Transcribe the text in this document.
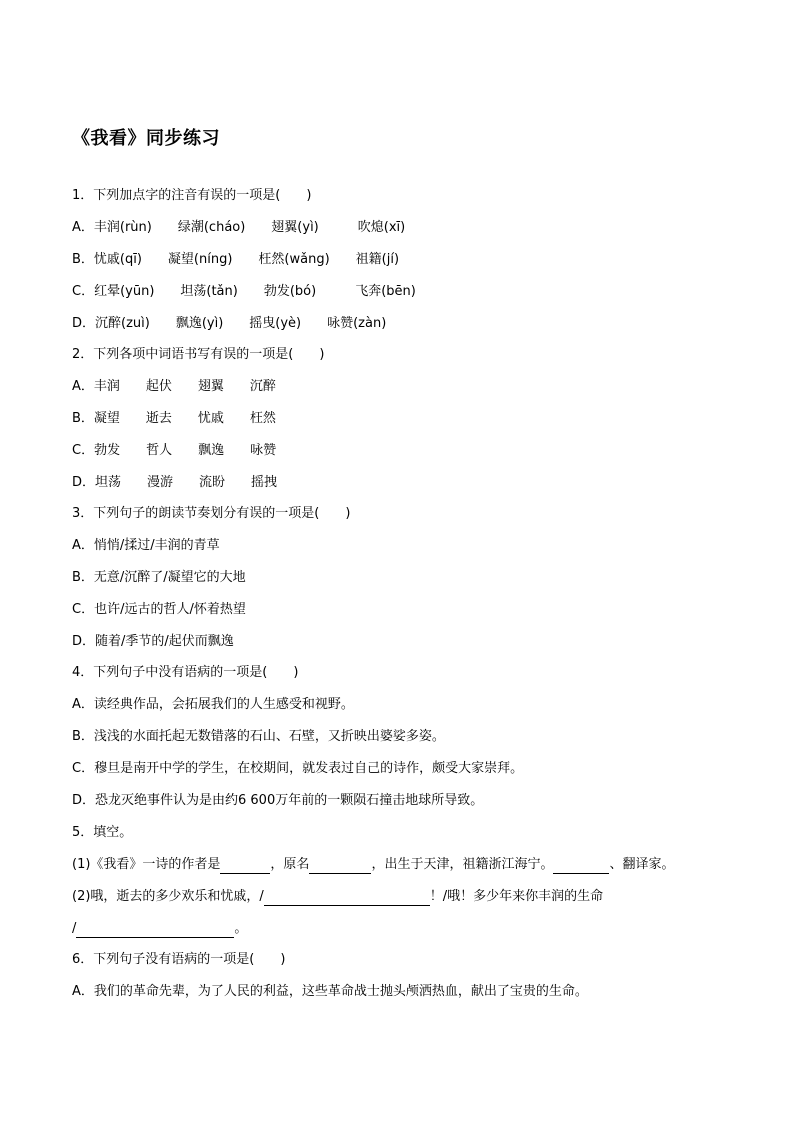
《我看》同步练习
1．下列加点字的注音有误的一项是(　　)
A．丰润(rùn)　　绿潮(cháo)　　翅翼(yì)　　　吹熄(xī)
B．忧戚(qī)　　凝望(níng)　　枉然(wǎng)　　祖籍(jí)
C．红晕(yūn)　　坦荡(tǎn)　　勃发(bó)　　　飞奔(bēn)
D．沉醉(zuì)　　飘逸(yì)　　摇曳(yè)　　咏赞(zàn)
2．下列各项中词语书写有误的一项是(　　)
A．丰润　　起伏　　翅翼　　沉醉
B．凝望　　逝去　　忧戚　　枉然
C．勃发　　哲人　　飘逸　　咏赞
D．坦荡　　漫游　　流盼　　摇拽
3．下列句子的朗读节奏划分有误的一项是(　　)
A．悄悄/揉过/丰润的青草
B．无意/沉醉了/凝望它的大地
C．也许/远古的哲人/怀着热望
D．随着/季节的/起伏而飘逸
4．下列句子中没有语病的一项是(　　)
A．读经典作品，会拓展我们的人生感受和视野。
B．浅浅的水面托起无数错落的石山、石壁，又折映出婆娑多姿。
C．穆旦是南开中学的学生，在校期间，就发表过自己的诗作，颇受大家崇拜。
D．恐龙灭绝事件认为是由约6 600万年前的一颗陨石撞击地球所导致。
5．填空。
(1)《我看》一诗的作者是	，原名	，出生于天津，祖籍浙江海宁。	、翻译家。
(2)哦，逝去的多少欢乐和忧戚，/	！/哦！多少年来你丰润的生命
/	。
6．下列句子没有语病的一项是(　　)
A．我们的革命先辈，为了人民的利益，这些革命战士抛头颅洒热血，献出了宝贵的生命。
